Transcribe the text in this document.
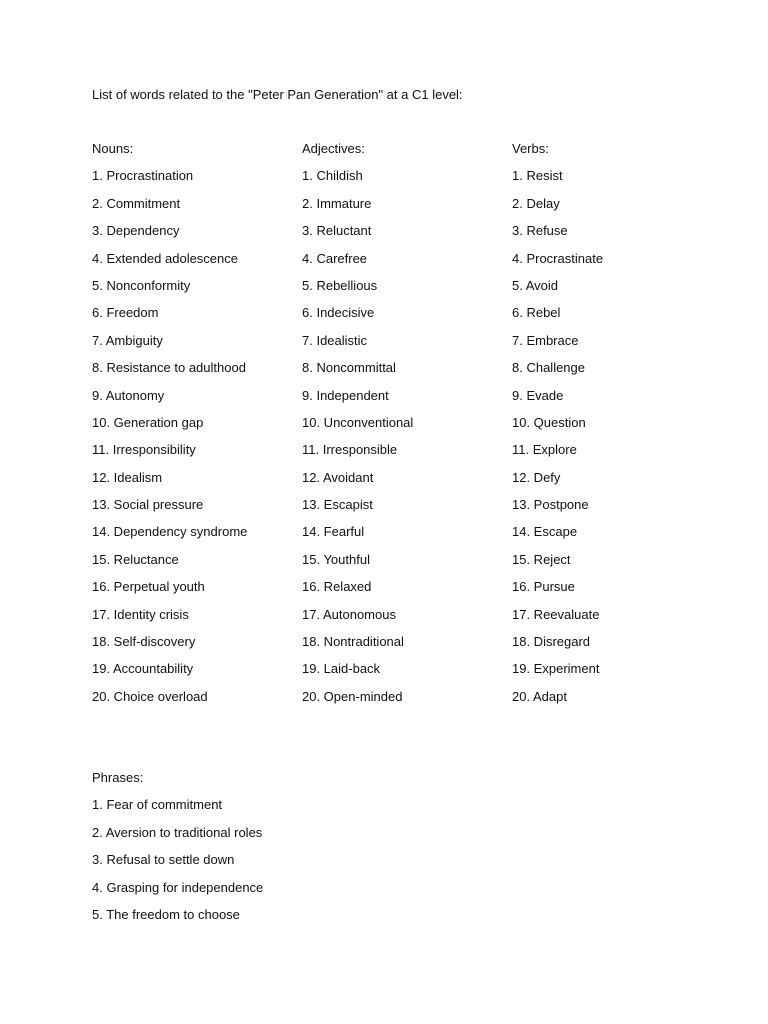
List of words related to the "Peter Pan Generation" at a C1 level:
Nouns:
1. Procrastination
2. Commitment
3. Dependency
4. Extended adolescence
5. Nonconformity
6. Freedom
7. Ambiguity
8. Resistance to adulthood
9. Autonomy
10. Generation gap
11. Irresponsibility
12. Idealism
13. Social pressure
14. Dependency syndrome
15. Reluctance
16. Perpetual youth
17. Identity crisis
18. Self-discovery
19. Accountability
20. Choice overload
Adjectives:
1. Childish
2. Immature
3. Reluctant
4. Carefree
5. Rebellious
6. Indecisive
7. Idealistic
8. Noncommittal
9. Independent
10. Unconventional
11. Irresponsible
12. Avoidant
13. Escapist
14. Fearful
15. Youthful
16. Relaxed
17. Autonomous
18. Nontraditional
19. Laid-back
20. Open-minded
Verbs:
1. Resist
2. Delay
3. Refuse
4. Procrastinate
5. Avoid
6. Rebel
7. Embrace
8. Challenge
9. Evade
10. Question
11. Explore
12. Defy
13. Postpone
14. Escape
15. Reject
16. Pursue
17. Reevaluate
18. Disregard
19. Experiment
20. Adapt
Phrases:
1. Fear of commitment
2. Aversion to traditional roles
3. Refusal to settle down
4. Grasping for independence
5. The freedom to choose
